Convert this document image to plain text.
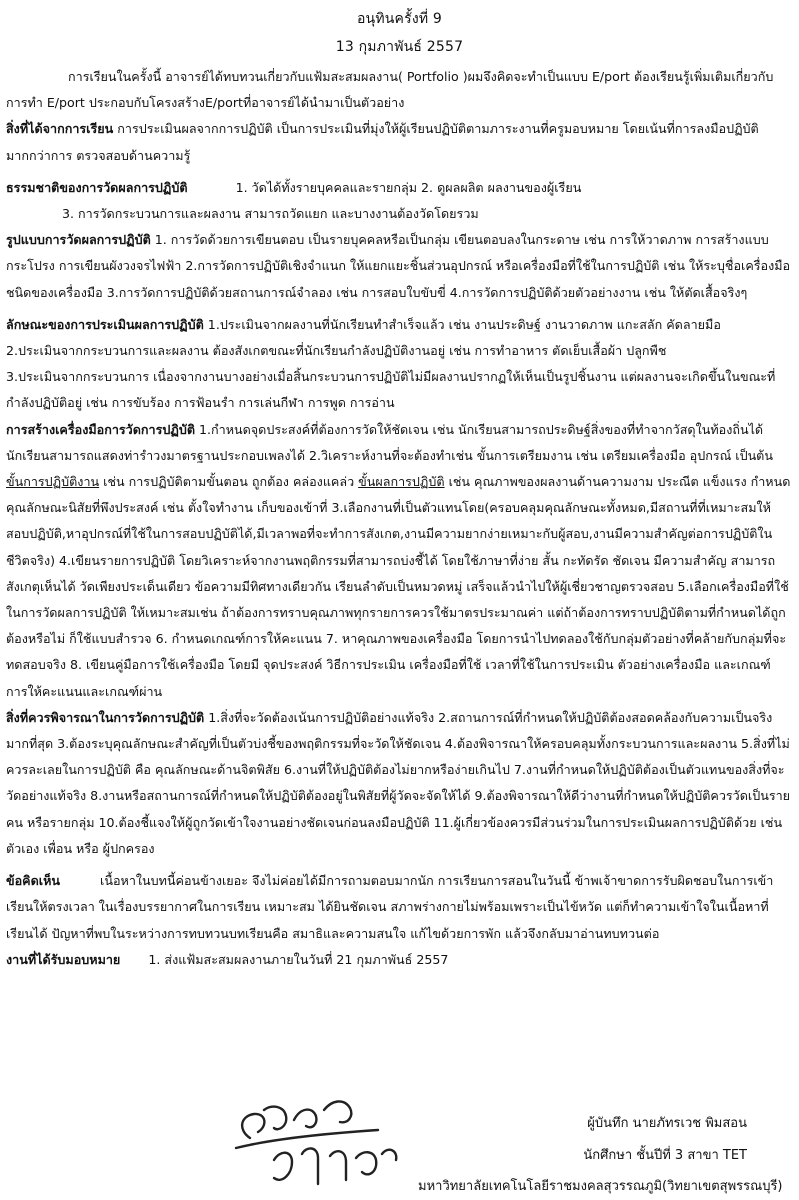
อนุทินครั้งที่ 9
13 กุมภาพันธ์ 2557

การเรียนในครั้งนี้ อาจารย์ได้ทบทวนเกี่ยวกับแฟ้มสะสมผลงาน( Portfolio )ผมจึงคิดจะทำเป็นแบบ E/port ต้องเรียนรู้เพิ่มเติมเกี่ยวกับการทำ E/port ประกอบกับโครงสร้างE/portที่อาจารย์ได้นำมาเป็นตัวอย่าง

สิ่งที่ได้จากการเรียน การประเมินผลจากการปฏิบัติ เป็นการประเมินที่มุ่งให้ผู้เรียนปฏิบัติตามภาระงานที่ครูมอบหมาย โดยเน้นที่การลงมือปฏิบัติ มากกว่าการ ตรวจสอบด้านความรู้

ธรรมชาติของการวัดผลการปฏิบัติ	1. วัดได้ทั้งรายบุคคลและรายกลุ่ม 2. ดูผลผลิต ผลงานของผู้เรียน

3. การวัดกระบวนการและผลงาน สามารถวัดแยก และบางงานต้องวัดโดยรวม

รูปแบบการวัดผลการปฏิบัติ 1. การวัดด้วยการเขียนตอบ เป็นรายบุคคลหรือเป็นกลุ่ม เขียนตอบลงในกระดาษ เช่น การให้วาดภาพ การสร้างแบบกระโปรง การเขียนผังวงจรไฟฟ้า 2.การวัดการปฏิบัติเชิงจำแนก ให้แยกแยะชิ้นส่วนอุปกรณ์ หรือเครื่องมือที่ใช้ในการปฏิบัติ เช่น ให้ระบุชื่อเครื่องมือ ชนิดของเครื่องมือ 3.การวัดการปฏิบัติด้วยสถานการณ์จำลอง เช่น การสอบใบขับขี่ 4.การวัดการปฏิบัติด้วยตัวอย่างงาน เช่น ให้ตัดเสื้อจริงๆ

ลักษณะของการประเมินผลการปฏิบัติ 1.ประเมินจากผลงานที่นักเรียนทำสำเร็จแล้ว เช่น งานประดิษฐ์ งานวาดภาพ แกะสลัก คัดลายมือ

2.ประเมินจากกระบวนการและผลงาน ต้องสังเกตขณะที่นักเรียนกำลังปฏิบัติงานอยู่ เช่น การทำอาหาร ตัดเย็บเสื้อผ้า ปลูกพืช

3.ประเมินจากกระบวนการ เนื่องจากงานบางอย่างเมื่อสิ้นกระบวนการปฏิบัติไม่มีผลงานปรากฏให้เห็นเป็นรูปชิ้นงาน แต่ผลงานจะเกิดขึ้นในขณะที่กำลังปฏิบัติอยู่ เช่น การขับร้อง การฟ้อนรำ การเล่นกีฬา การพูด การอ่าน

การสร้างเครื่องมือการวัดการปฏิบัติ 1.กำหนดจุดประสงค์ที่ต้องการวัดให้ชัดเจน เช่น นักเรียนสามารถประดิษฐ์สิ่งของที่ทำจากวัสดุในท้องถิ่นได้ นักเรียนสามารถแสดงท่ารำวงมาตรฐานประกอบเพลงได้ 2.วิเคราะห์งานที่จะต้องทำเช่น ขั้นการเตรียมงาน เช่น เตรียมเครื่องมือ อุปกรณ์ เป็นต้น ขั้นการปฏิบัติงาน เช่น การปฏิบัติตามขั้นตอน ถูกต้อง คล่องแคล่ว ขั้นผลการปฏิบัติ เช่น คุณภาพของผลงานด้านความงาม ประณีต แข็งแรง กำหนดคุณลักษณะนิสัยที่พึงประสงค์ เช่น ตั้งใจทำงาน เก็บของเข้าที่ 3.เลือกงานที่เป็นตัวแทนโดย(ครอบคลุมคุณลักษณะทั้งหมด,มีสถานที่ที่เหมาะสมให้สอบปฏิบัติ,หาอุปกรณ์ที่ใช้ในการสอบปฏิบัติได้,มีเวลาพอที่จะทำการสังเกต,งานมีความยากง่ายเหมาะกับผู้สอบ,งานมีความสำคัญต่อการปฏิบัติในชีวิตจริง) 4.เขียนรายการปฏิบัติ โดยวิเคราะห์จากงานพฤติกรรมที่สามารถบ่งชี้ได้ โดยใช้ภาษาที่ง่าย สั้น กะทัดรัด ชัดเจน มีความสำคัญ สามารถสังเกตุเห็นได้ วัดเพียงประเด็นเดียว ข้อความมีทิศทางเดียวกัน เรียนลำดับเป็นหมวดหมู่ เสร็จแล้วนำไปให้ผู้เชี่ยวชาญตรวจสอบ 5.เลือกเครื่องมือที่ใช้ในการวัดผลการปฏิบัติ ให้เหมาะสมเช่น ถ้าต้องการทราบคุณภาพทุกรายการควรใช้มาตรประมาณค่า แต่ถ้าต้องการทราบปฏิบัติตามที่กำหนดได้ถูกต้องหรือไม่ ก็ใช้แบบสำรวจ 6. กำหนดเกณฑ์การให้คะแนน 7. หาคุณภาพของเครื่องมือ โดยการนำไปทดลองใช้กับกลุ่มตัวอย่างที่คล้ายกับกลุ่มที่จะทดสอบจริง 8. เขียนคู่มือการใช้เครื่องมือ โดยมี จุดประสงค์ วิธีการประเมิน เครื่องมือที่ใช้ เวลาที่ใช้ในการประเมิน ตัวอย่างเครื่องมือ และเกณฑ์การให้คะแนนและเกณฑ์ผ่าน

สิ่งที่ควรพิจารณาในการวัดการปฏิบัติ 1.สิ่งที่จะวัดต้องเน้นการปฏิบัติอย่างแท้จริง 2.สถานการณ์ที่กำหนดให้ปฏิบัติต้องสอดคล้องกับความเป็นจริงมากที่สุด 3.ต้องระบุคุณลักษณะสำคัญที่เป็นตัวบ่งชี้ของพฤติกรรมที่จะวัดให้ชัดเจน 4.ต้องพิจารณาให้ครอบคลุมทั้งกระบวนการและผลงาน 5.สิ่งที่ไม่ควรละเลยในการปฏิบัติ คือ คุณลักษณะด้านจิตพิสัย 6.งานที่ให้ปฏิบัติต้องไม่ยากหรือง่ายเกินไป 7.งานที่กำหนดให้ปฏิบัติต้องเป็นตัวแทนของสิ่งที่จะวัดอย่างแท้จริง 8.งานหรือสถานการณ์ที่กำหนดให้ปฏิบัติต้องอยู่ในพิสัยที่ผู้วัดจะจัดให้ได้ 9.ต้องพิจารณาให้ดีว่างานที่กำหนดให้ปฏิบัติควรวัดเป็นรายคน หรือรายกลุ่ม 10.ต้องชี้แจงให้ผู้ถูกวัดเข้าใจงานอย่างชัดเจนก่อนลงมือปฏิบัติ 11.ผู้เกี่ยวข้องควรมีส่วนร่วมในการประเมินผลการปฏิบัติด้วย เช่น ตัวเอง เพื่อน หรือ ผู้ปกครอง

ข้อคิดเห็น	เนื้อหาในบทนี้ค่อนข้างเยอะ จึงไม่ค่อยได้มีการถามตอบมากนัก การเรียนการสอนในวันนี้ ข้าพเจ้าขาดการรับผิดชอบในการเข้าเรียนให้ตรงเวลา ในเรื่องบรรยากาศในการเรียน เหมาะสม ได้ยินชัดเจน สภาพร่างกายไม่พร้อมเพราะเป็นไข้หวัด แต่ก็ทำความเข้าใจในเนื้อหาที่เรียนได้ ปัญหาที่พบในระหว่างการทบทวนบทเรียนคือ สมาธิและความสนใจ แก้ไขด้วยการพัก แล้วจึงกลับมาอ่านทบทวนต่อ

งานที่ได้รับมอบหมาย 1. ส่งแฟ้มสะสมผลงานภายในวันที่ 21 กุมภาพันธ์ 2557

ผู้บันทึก นายภัทรเวช พิมสอน
นักศึกษา ชั้นปีที่ 3 สาขา TET
มหาวิทยาลัยเทคโนโลยีราชมงคลสุวรรณภูมิ(วิทยาเขตสุพรรณบุรี)
